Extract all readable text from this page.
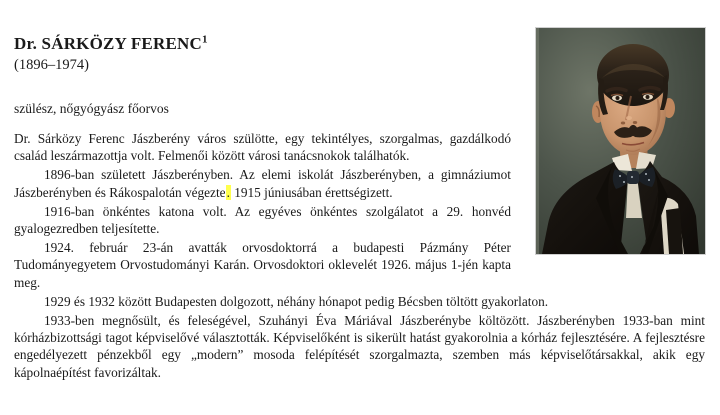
Dr. SÁRKÖZY FERENC$^1$
(1896–1974)
szülész, nőgyógyász főorvos

Dr. Sárközy Ferenc Jászberény város szülötte, egy tekintélyes, szorgalmas, gazdálkodó család leszármazottja volt. Felmenői között városi tanácsnokok találhatók.

1896-ban született Jászberényben. Az elemi iskolát Jászberényben, a gimnáziumot Jászberényben és Rákospalotán végezte. 1915 júniusában érettségizett.

1916-ban önkéntes katona volt. Az egyéves önkéntes szolgálatot a 29. honvéd gyalogezredben teljesítette.

1924. február 23-án avatták orvosdoktorrá a budapesti Pázmány Péter Tudományegyetem Orvostudományi Karán. Orvosdoktori oklevelét 1926. május 1-jén kapta meg.

1929 és 1932 között Budapesten dolgozott, néhány hónapot pedig Bécsben töltött gyakorlaton.

1933-ben megnősült, és feleségével, Szuhányi Éva Máriával Jászberénybe költözött. Jászberényben 1933-ban mint kórházbizottsági tagot képviselővé választották. Képviselőként is sikerült hatást gyakorolnia a kórház fejlesztésére. A fejlesztésre engedélyezett pénzekből egy „modern” mosoda felépítését szorgalmazta, szemben más képviselőtársakkal, akik egy kápolnaépítést favorizáltak.
